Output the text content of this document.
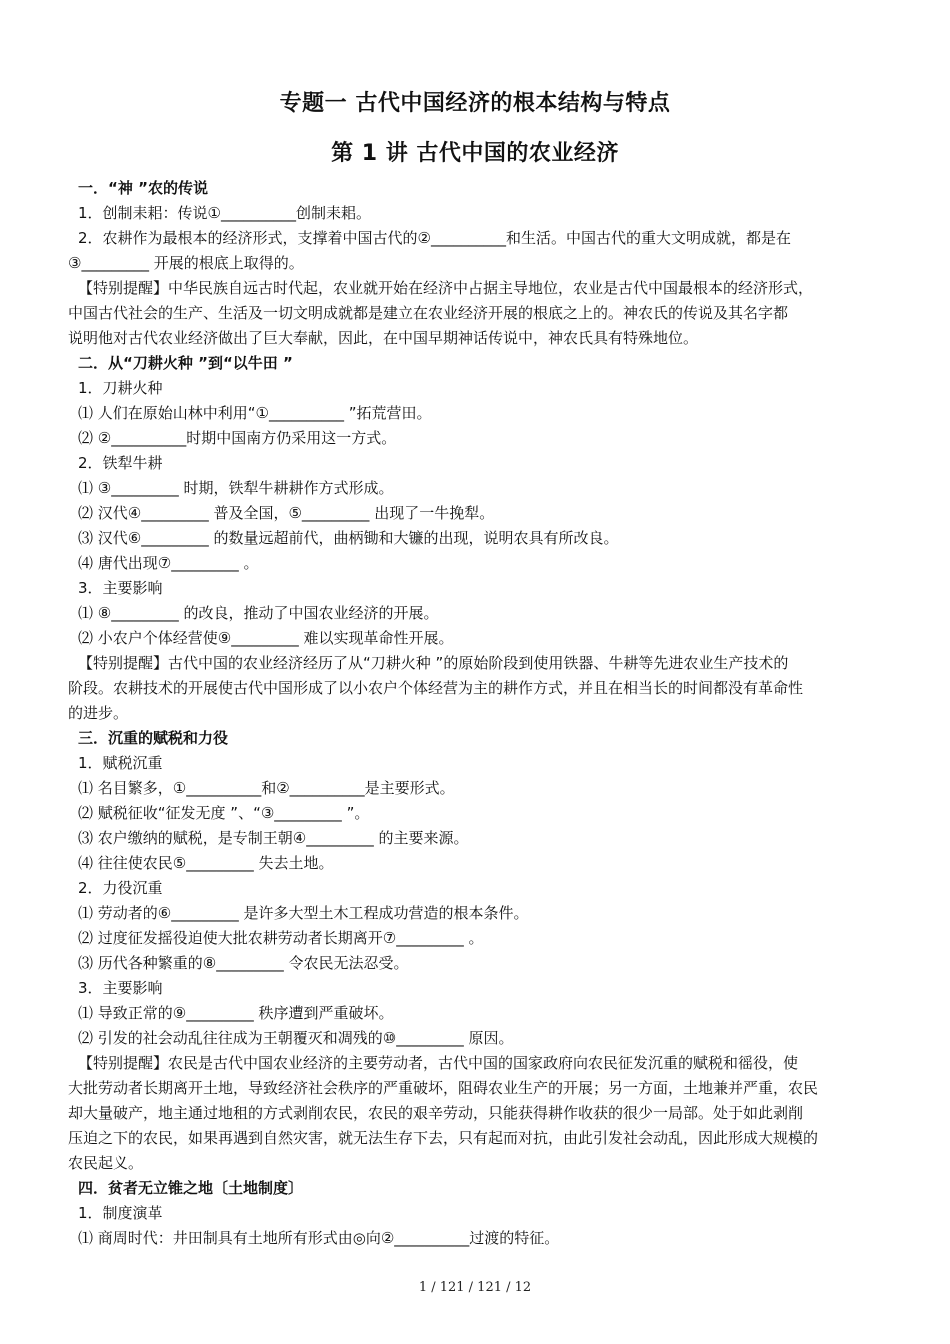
专题一 古代中国经济的根本结构与特点
第 1 讲 古代中国的农业经济
一．“神 ”农的传说
1．创制耒耜：传说①__________创制耒耜。
2．农耕作为最根本的经济形式，支撑着中国古代的②__________和生活。中国古代的重大文明成就，都是在
③_________ 开展的根底上取得的。
【特别提醒】中华民族自远古时代起，农业就开始在经济中占据主导地位，农业是古代中国最根本的经济形式，
中国古代社会的生产、生活及一切文明成就都是建立在农业经济开展的根底之上的。神农氏的传说及其名字都
说明他对古代农业经济做出了巨大奉献，因此，在中国早期神话传说中，神农氏具有特殊地位。
二．从“刀耕火种 ”到“以牛田 ”
1．刀耕火种
⑴ 人们在原始山林中利用“①__________ ”拓荒营田。
⑵ ②__________时期中国南方仍采用这一方式。
2．铁犁牛耕
⑴ ③_________ 时期，铁犁牛耕耕作方式形成。
⑵ 汉代④_________ 普及全国，⑤_________ 出现了一牛挽犁。
⑶ 汉代⑥_________ 的数量远超前代，曲柄锄和大镰的出现，说明农具有所改良。
⑷ 唐代出现⑦_________ 。
3．主要影响
⑴ ⑧_________ 的改良，推动了中国农业经济的开展。
⑵ 小农户个体经营使⑨_________ 难以实现革命性开展。
【特别提醒】古代中国的农业经济经历了从“刀耕火种 ”的原始阶段到使用铁器、牛耕等先进农业生产技术的
阶段。农耕技术的开展使古代中国形成了以小农户个体经营为主的耕作方式，并且在相当长的时间都没有革命性
的进步。
三．沉重的赋税和力役
1．赋税沉重
⑴ 名目繁多，①__________和②__________是主要形式。
⑵ 赋税征收“征发无度 ”、“③_________ ”。
⑶ 农户缴纳的赋税，是专制王朝④_________ 的主要来源。
⑷ 往往使农民⑤_________ 失去土地。
2．力役沉重
⑴ 劳动者的⑥_________ 是许多大型土木工程成功营造的根本条件。
⑵ 过度征发摇役迫使大批农耕劳动者长期离开⑦_________ 。
⑶ 历代各种繁重的⑧_________ 令农民无法忍受。
3．主要影响
⑴ 导致正常的⑨_________ 秩序遭到严重破坏。
⑵ 引发的社会动乱往往成为王朝覆灭和凋残的⑩_________ 原因。
【特别提醒】农民是古代中国农业经济的主要劳动者，古代中国的国家政府向农民征发沉重的赋税和徭役，使
大批劳动者长期离开土地，导致经济社会秩序的严重破坏，阻碍农业生产的开展；另一方面，土地兼并严重，农民
却大量破产，地主通过地租的方式剥削农民，农民的艰辛劳动，只能获得耕作收获的很少一局部。处于如此剥削
压迫之下的农民，如果再遇到自然灾害，就无法生存下去，只有起而对抗，由此引发社会动乱，因此形成大规模的
农民起义。
四．贫者无立锥之地〔土地制度〕
1．制度演革
⑴ 商周时代：井田制具有土地所有形式由◎向②__________过渡的特征。
1 / 121 / 121 / 12
